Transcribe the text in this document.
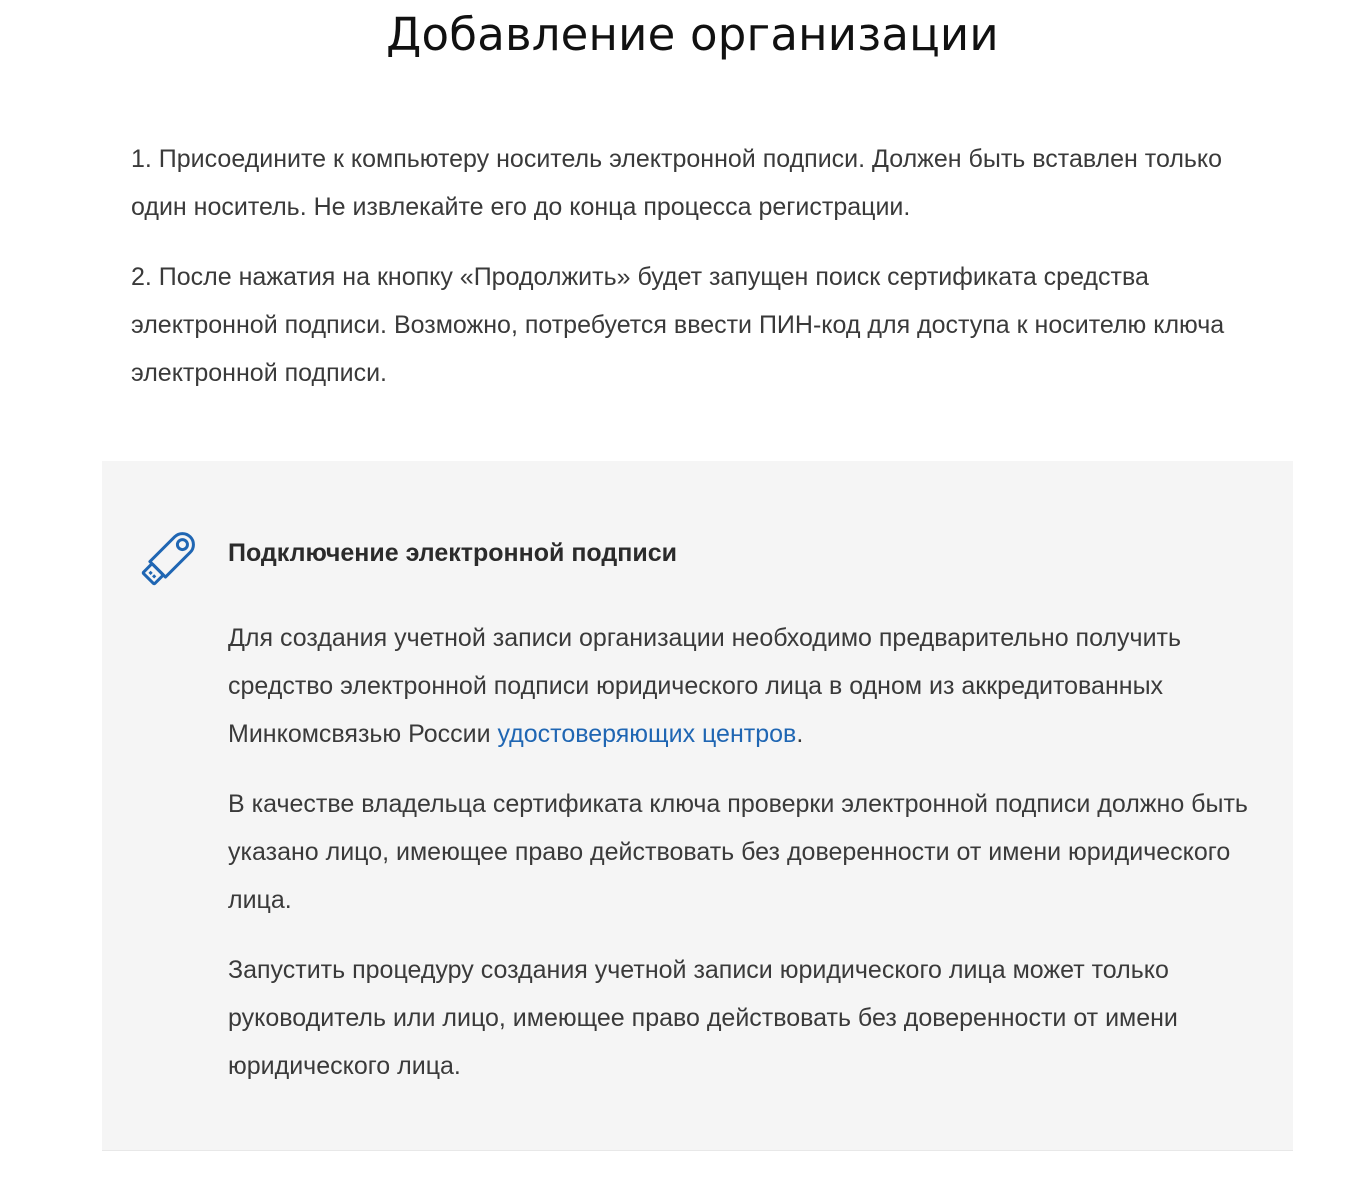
Добавление организации

1. Присоедините к компьютеру носитель электронной подписи. Должен быть вставлен только один носитель. Не извлекайте его до конца процесса регистрации.

2. После нажатия на кнопку «Продолжить» будет запущен поиск сертификата средства электронной подписи. Возможно, потребуется ввести ПИН-код для доступа к носителю ключа электронной подписи.

Подключение электронной подписи

Для создания учетной записи организации необходимо предварительно получить средство электронной подписи юридического лица в одном из аккредитованных Минкомсвязью России удостоверяющих центров.

В качестве владельца сертификата ключа проверки электронной подписи должно быть указано лицо, имеющее право действовать без доверенности от имени юридического лица.

Запустить процедуру создания учетной записи юридического лица может только руководитель или лицо, имеющее право действовать без доверенности от имени юридического лица.
